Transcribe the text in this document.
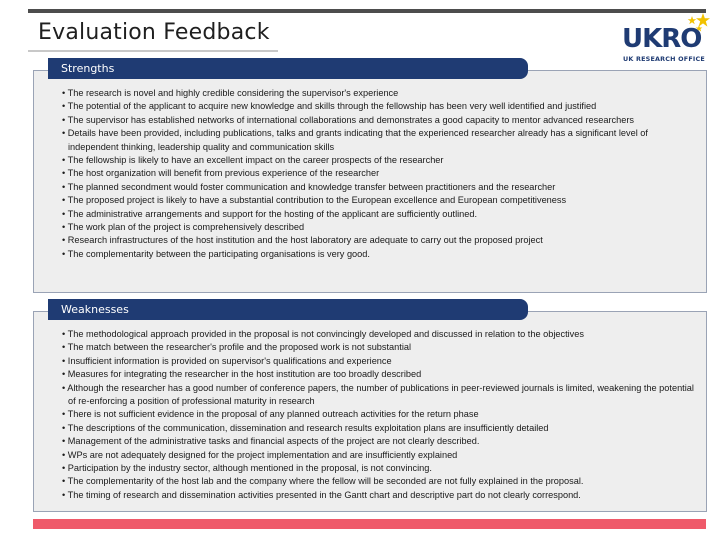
Evaluation Feedback	UKRO
UK RESEARCH OFFICE
• The research is novel and highly credible considering the supervisor's experience
• The potential of the applicant to acquire new knowledge and skills through the fellowship has been very well identified and justified
• The supervisor has established networks of international collaborations and demonstrates a good capacity to mentor advanced researchers
• Details have been provided, including publications, talks and grants indicating that the experienced researcher already has a significant level of independent thinking, leadership quality and communication skills
• The fellowship is likely to have an excellent impact on the career prospects of the researcher
• The host organization will benefit from previous experience of the researcher
• The planned secondment would foster communication and knowledge transfer between practitioners and the researcher
• The proposed project is likely to have a substantial contribution to the European excellence and European competitiveness
• The administrative arrangements and support for the hosting of the applicant are sufficiently outlined.
• The work plan of the project is comprehensively described
• Research infrastructures of the host institution and the host laboratory are adequate to carry out the proposed project
• The complementarity between the participating organisations is very good.
Strengths
• The methodological approach provided in the proposal is not convincingly developed and discussed in relation to the objectives
• The match between the researcher's profile and the proposed work is not substantial
• Insufficient information is provided on supervisor's qualifications and experience
• Measures for integrating the researcher in the host institution are too broadly described
• Although the researcher has a good number of conference papers, the number of publications in peer-reviewed journals is limited, weakening the potential of re-enforcing a position of professional maturity in research
• There is not sufficient evidence in the proposal of any planned outreach activities for the return phase
• The descriptions of the communication, dissemination and research results exploitation plans are insufficiently detailed
• Management of the administrative tasks and financial aspects of the project are not clearly described.
• WPs are not adequately designed for the project implementation and are insufficiently explained
• Participation by the industry sector, although mentioned in the proposal, is not convincing.
• The complementarity of the host lab and the company where the fellow will be seconded are not fully explained in the proposal.
• The timing of research and dissemination activities presented in the Gantt chart and descriptive part do not clearly correspond.
Weaknesses
